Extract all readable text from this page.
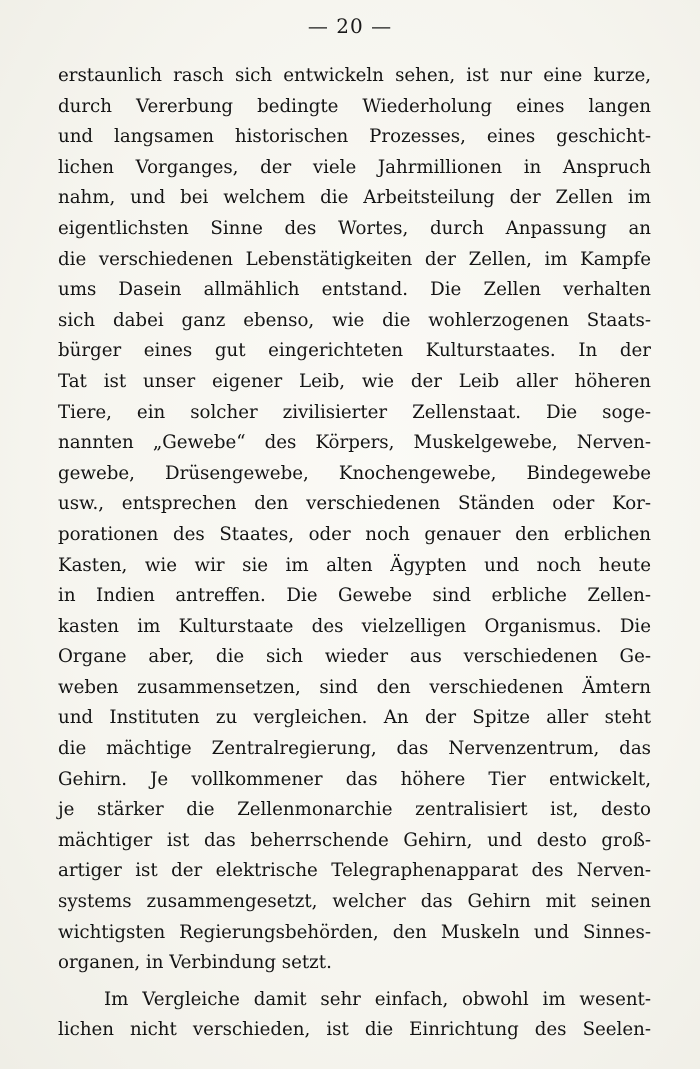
— 20 —
erstaunlich rasch sich entwickeln sehen, ist nur eine kurze,
durch Vererbung bedingte Wiederholung eines langen
und langsamen historischen Prozesses, eines geschicht-
lichen Vorganges, der viele Jahrmillionen in Anspruch
nahm, und bei welchem die Arbeitsteilung der Zellen im
eigentlichsten Sinne des Wortes, durch Anpassung an
die verschiedenen Lebenstätigkeiten der Zellen, im Kampfe
ums Dasein allmählich entstand. Die Zellen verhalten
sich dabei ganz ebenso, wie die wohlerzogenen Staats-
bürger eines gut eingerichteten Kulturstaates. In der
Tat ist unser eigener Leib, wie der Leib aller höheren
Tiere, ein solcher zivilisierter Zellenstaat. Die soge-
nannten „Gewebe“ des Körpers, Muskelgewebe, Nerven-
gewebe, Drüsengewebe, Knochengewebe, Bindegewebe
usw., entsprechen den verschiedenen Ständen oder Kor-
porationen des Staates, oder noch genauer den erblichen
Kasten, wie wir sie im alten Ägypten und noch heute
in Indien antreffen. Die Gewebe sind erbliche Zellen-
kasten im Kulturstaate des vielzelligen Organismus. Die
Organe aber, die sich wieder aus verschiedenen Ge-
weben zusammensetzen, sind den verschiedenen Ämtern
und Instituten zu vergleichen. An der Spitze aller steht
die mächtige Zentralregierung, das Nervenzentrum, das
Gehirn. Je vollkommener das höhere Tier entwickelt,
je stärker die Zellenmonarchie zentralisiert ist, desto
mächtiger ist das beherrschende Gehirn, und desto groß-
artiger ist der elektrische Telegraphenapparat des Nerven-
systems zusammengesetzt, welcher das Gehirn mit seinen
wichtigsten Regierungsbehörden, den Muskeln und Sinnes-
organen, in Verbindung setzt.
Im Vergleiche damit sehr einfach, obwohl im wesent-
lichen nicht verschieden, ist die Einrichtung des Seelen-
